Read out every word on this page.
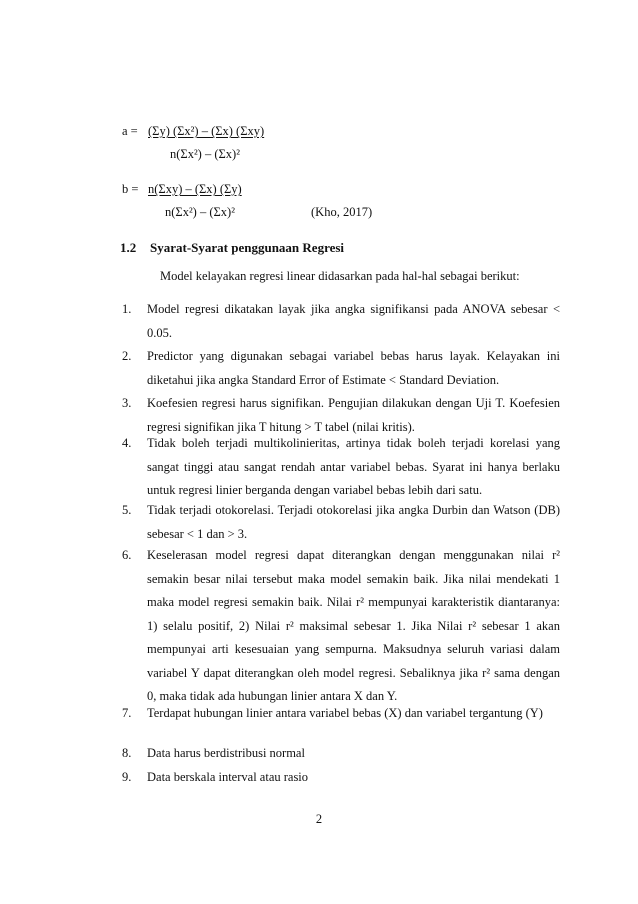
a = (Σy) (Σx²) – (Σx) (Σxy)
n(Σx²) – (Σx)²
b = n(Σxy) – (Σx) (Σy)
n(Σx²) – (Σx)²	(Kho, 2017)
1.2 Syarat-Syarat penggunaan Regresi
Model kelayakan regresi linear didasarkan pada hal-hal sebagai berikut:
1.	Model regresi dikatakan layak jika angka signifikansi pada ANOVA sebesar < 0.05.
2.	Predictor yang digunakan sebagai variabel bebas harus layak. Kelayakan ini diketahui jika angka Standard Error of Estimate < Standard Deviation.
3.	Koefesien regresi harus signifikan. Pengujian dilakukan dengan Uji T. Koefesien regresi signifikan jika T hitung > T tabel (nilai kritis).
4.	Tidak boleh terjadi multikolinieritas, artinya tidak boleh terjadi korelasi yang sangat tinggi atau sangat rendah antar variabel bebas. Syarat ini hanya berlaku untuk regresi linier berganda dengan variabel bebas lebih dari satu.
5.	Tidak terjadi otokorelasi. Terjadi otokorelasi jika angka Durbin dan Watson (DB) sebesar < 1 dan > 3.
6.	Keselerasan model regresi dapat diterangkan dengan menggunakan nilai r² semakin besar nilai tersebut maka model semakin baik. Jika nilai mendekati 1 maka model regresi semakin baik. Nilai r² mempunyai karakteristik diantaranya: 1) selalu positif, 2) Nilai r² maksimal sebesar 1. Jika Nilai r² sebesar 1 akan mempunyai arti kesesuaian yang sempurna. Maksudnya seluruh variasi dalam variabel Y dapat diterangkan oleh model regresi. Sebaliknya jika r² sama dengan 0, maka tidak ada hubungan linier antara X dan Y.
7.	Terdapat hubungan linier antara variabel bebas (X) dan variabel tergantung (Y)
8.	Data harus berdistribusi normal
9.	Data berskala interval atau rasio
2
